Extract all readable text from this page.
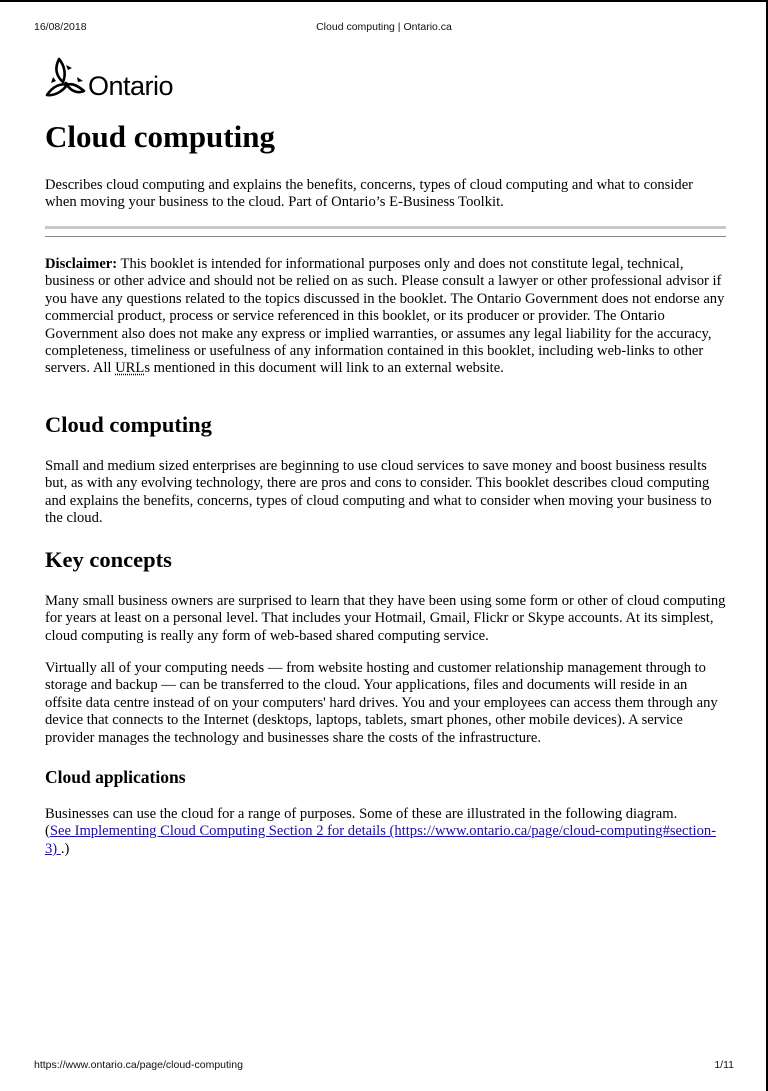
16/08/2018	Cloud computing | Ontario.ca
Ontario
Cloud computing

Describes cloud computing and explains the benefits, concerns, types of cloud computing and what to consider when moving your business to the cloud. Part of Ontario’s E-Business Toolkit.

Disclaimer: This booklet is intended for informational purposes only and does not constitute legal, technical, business or other advice and should not be relied on as such. Please consult a lawyer or other professional advisor if you have any questions related to the topics discussed in the booklet. The Ontario Government does not endorse any commercial product, process or service referenced in this booklet, or its producer or provider. The Ontario Government also does not make any express or implied warranties, or assumes any legal liability for the accuracy, completeness, timeliness or usefulness of any information contained in this booklet, including web-links to other servers. All URLs mentioned in this document will link to an external website.

Cloud computing

Small and medium sized enterprises are beginning to use cloud services to save money and boost business results but, as with any evolving technology, there are pros and cons to consider. This booklet describes cloud computing and explains the benefits, concerns, types of cloud computing and what to consider when moving your business to the cloud.

Key concepts

Many small business owners are surprised to learn that they have been using some form or other of cloud computing for years at least on a personal level. That includes your Hotmail, Gmail, Flickr or Skype accounts. At its simplest, cloud computing is really any form of web-based shared computing service.

Virtually all of your computing needs — from website hosting and customer relationship management through to storage and backup — can be transferred to the cloud. Your applications, files and documents will reside in an offsite data centre instead of on your computers' hard drives. You and your employees can access them through any device that connects to the Internet (desktops, laptops, tablets, smart phones, other mobile devices). A service provider manages the technology and businesses share the costs of the infrastructure.

Cloud applications

Businesses can use the cloud for a range of purposes. Some of these are illustrated in the following diagram.
(See Implementing Cloud Computing Section 2 for details (https://www.ontario.ca/page/cloud-computing#section-3) .)

https://www.ontario.ca/page/cloud-computing	1/11
